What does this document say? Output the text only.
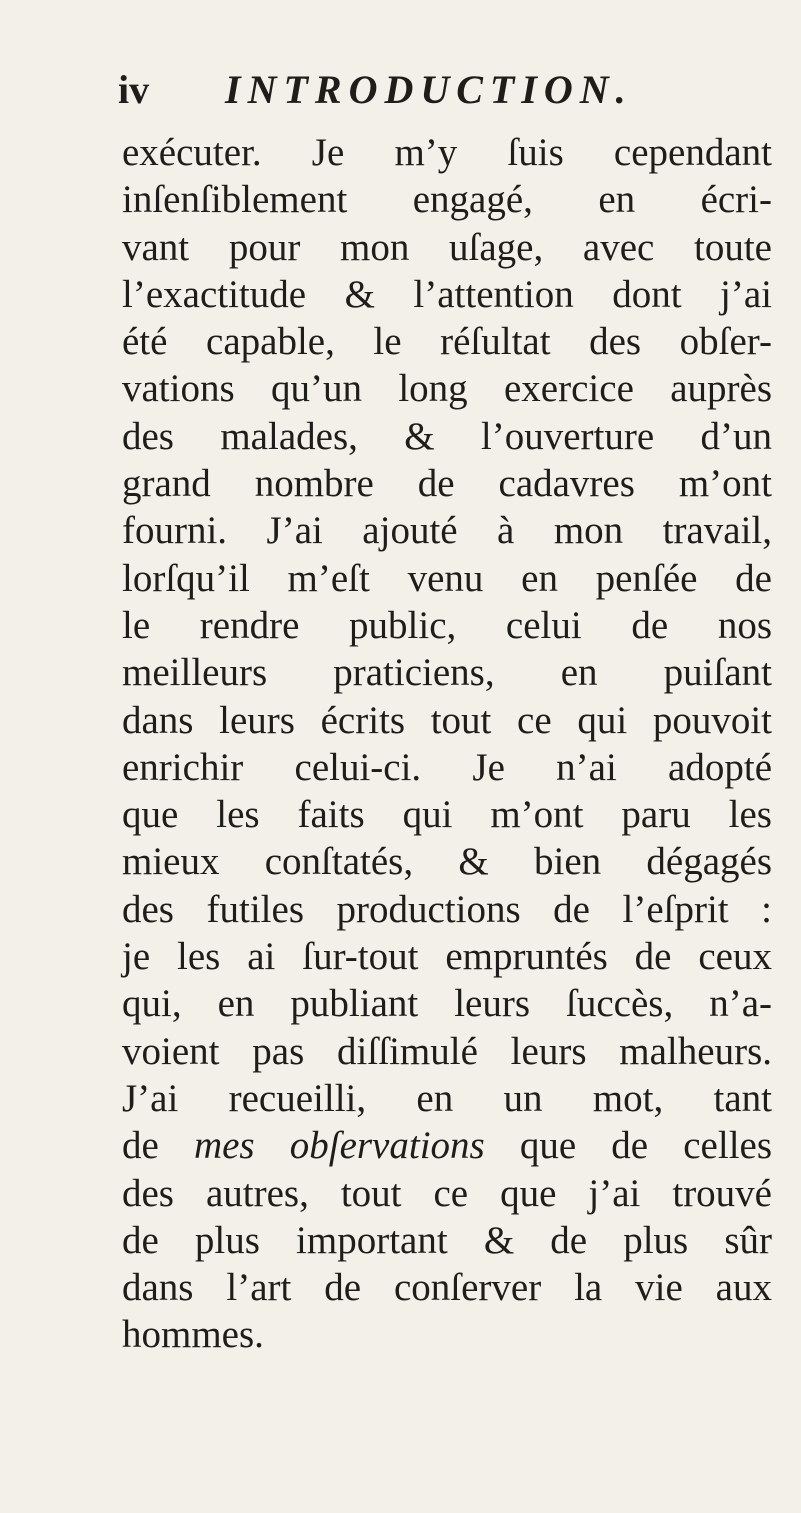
iv INTRODUCTION.
exécuter. Je m’y ſuis cependant
inſenſiblement engagé, en écri-
vant pour mon uſage, avec toute
l’exactitude & l’attention dont j’ai
été capable, le réſultat des obſer-
vations qu’un long exercice auprès
des malades, & l’ouverture d’un
grand nombre de cadavres m’ont
fourni. J’ai ajouté à mon travail,
lorſqu’il m’eſt venu en penſée de
le rendre public, celui de nos
meilleurs praticiens, en puiſant
dans leurs écrits tout ce qui pouvoit
enrichir celui-ci. Je n’ai adopté
que les faits qui m’ont paru les
mieux conſtatés, & bien dégagés
des futiles productions de l’eſprit :
je les ai ſur-tout empruntés de ceux
qui, en publiant leurs ſuccès, n’a-
voient pas diſſimulé leurs malheurs.
J’ai recueilli, en un mot, tant
de mes obſervations que de celles
des autres, tout ce que j’ai trouvé
de plus important & de plus sûr
dans l’art de conſerver la vie aux
hommes.
